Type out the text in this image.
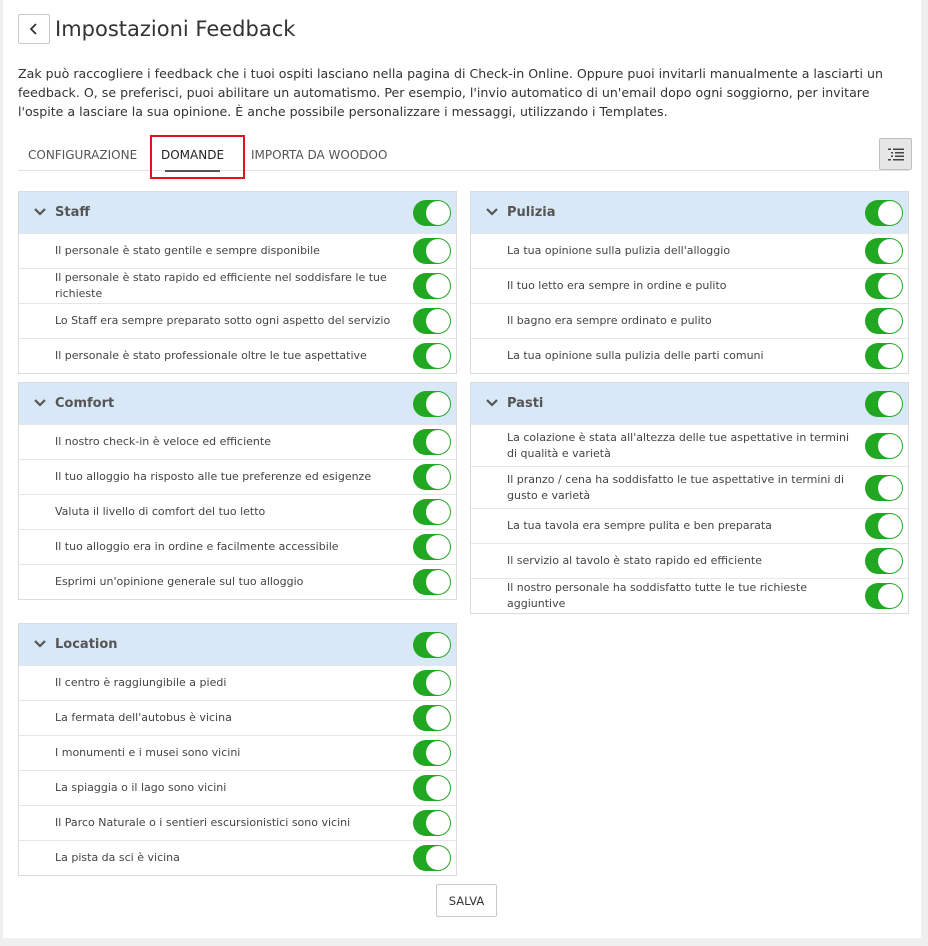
Impostazioni Feedback

Zak può raccogliere i feedback che i tuoi ospiti lasciano nella pagina di Check-in Online. Oppure puoi invitarli manualmente a lasciarti un feedback. O, se preferisci, puoi abilitare un automatismo. Per esempio, l'invio automatico di un'email dopo ogni soggiorno, per invitare l'ospite a lasciare la sua opinione. È anche possibile personalizzare i messaggi, utilizzando i Templates.

CONFIGURAZIONE DOMANDE IMPORTA DA WOODOO
Staff
Il personale è stato gentile e sempre disponibile
Il personale è stato rapido ed efficiente nel soddisfare le tue richieste
Lo Staff era sempre preparato sotto ogni aspetto del servizio
Il personale è stato professionale oltre le tue aspettative
Pulizia
La tua opinione sulla pulizia dell'alloggio
Il tuo letto era sempre in ordine e pulito
Il bagno era sempre ordinato e pulito
La tua opinione sulla pulizia delle parti comuni
Comfort
Il nostro check-in è veloce ed efficiente
Il tuo alloggio ha risposto alle tue preferenze ed esigenze
Valuta il livello di comfort del tuo letto
Il tuo alloggio era in ordine e facilmente accessibile
Esprimi un'opinione generale sul tuo alloggio
Pasti
La colazione è stata all'altezza delle tue aspettative in termini di qualità e varietà
Il pranzo / cena ha soddisfatto le tue aspettative in termini di gusto e varietà
La tua tavola era sempre pulita e ben preparata
Il servizio al tavolo è stato rapido ed efficiente
Il nostro personale ha soddisfatto tutte le tue richieste aggiuntive
Location
Il centro è raggiungibile a piedi
La fermata dell'autobus è vicina
I monumenti e i musei sono vicini
La spiaggia o il lago sono vicini
Il Parco Naturale o i sentieri escursionistici sono vicini
La pista da sci è vicina
SALVA
